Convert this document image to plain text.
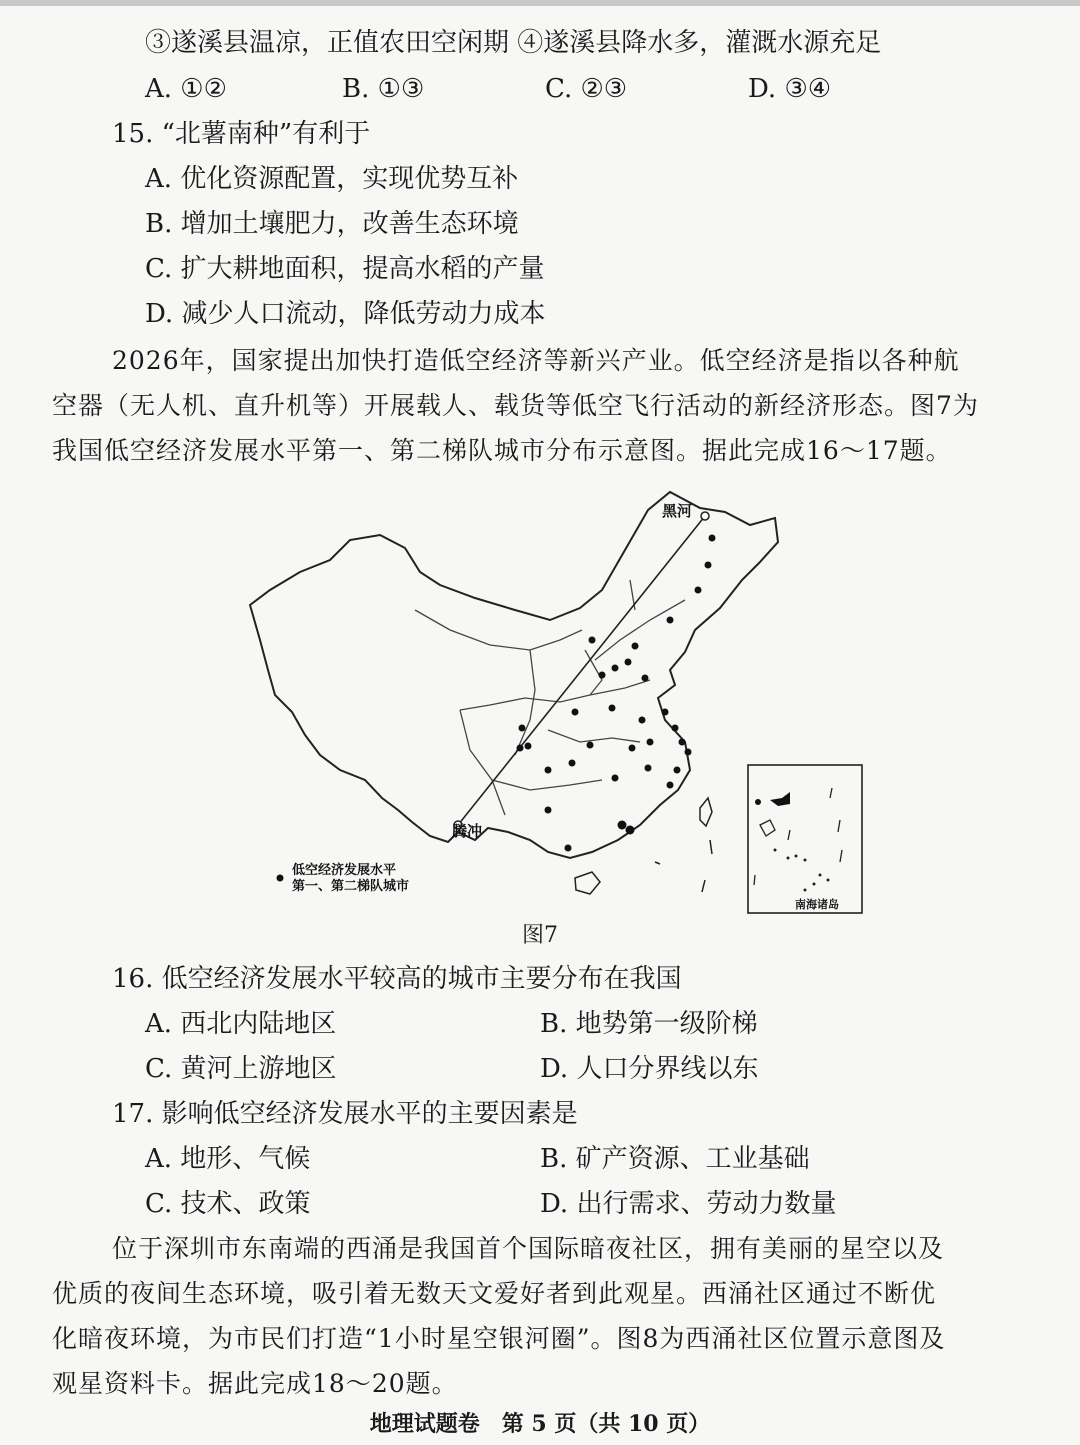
③遂溪县温凉，正值农田空闲期 ④遂溪县降水多，灌溉水源充足
A. ①②	B. ①③	C. ②③	D. ③④
15. “北薯南种”有利于
A. 优化资源配置，实现优势互补
B. 增加土壤肥力，改善生态环境
C. 扩大耕地面积，提高水稻的产量
D. 减少人口流动，降低劳动力成本
2026年，国家提出加快打造低空经济等新兴产业。低空经济是指以各种航
空器（无人机、直升机等）开展载人、载货等低空飞行活动的新经济形态。图7为
我国低空经济发展水平第一、第二梯队城市分布示意图。据此完成16～17题。
黑河
腾冲
低空经济发展水平
第一、第二梯队城市
南海诸岛
图7
16. 低空经济发展水平较高的城市主要分布在我国
A. 西北内陆地区	B. 地势第一级阶梯
C. 黄河上游地区	D. 人口分界线以东
17. 影响低空经济发展水平的主要因素是
A. 地形、气候	B. 矿产资源、工业基础
C. 技术、政策	D. 出行需求、劳动力数量
位于深圳市东南端的西涌是我国首个国际暗夜社区，拥有美丽的星空以及
优质的夜间生态环境，吸引着无数天文爱好者到此观星。西涌社区通过不断优
化暗夜环境，为市民们打造“1小时星空银河圈”。图8为西涌社区位置示意图及
观星资料卡。据此完成18～20题。
地理试题卷　第 5 页（共 10 页）
